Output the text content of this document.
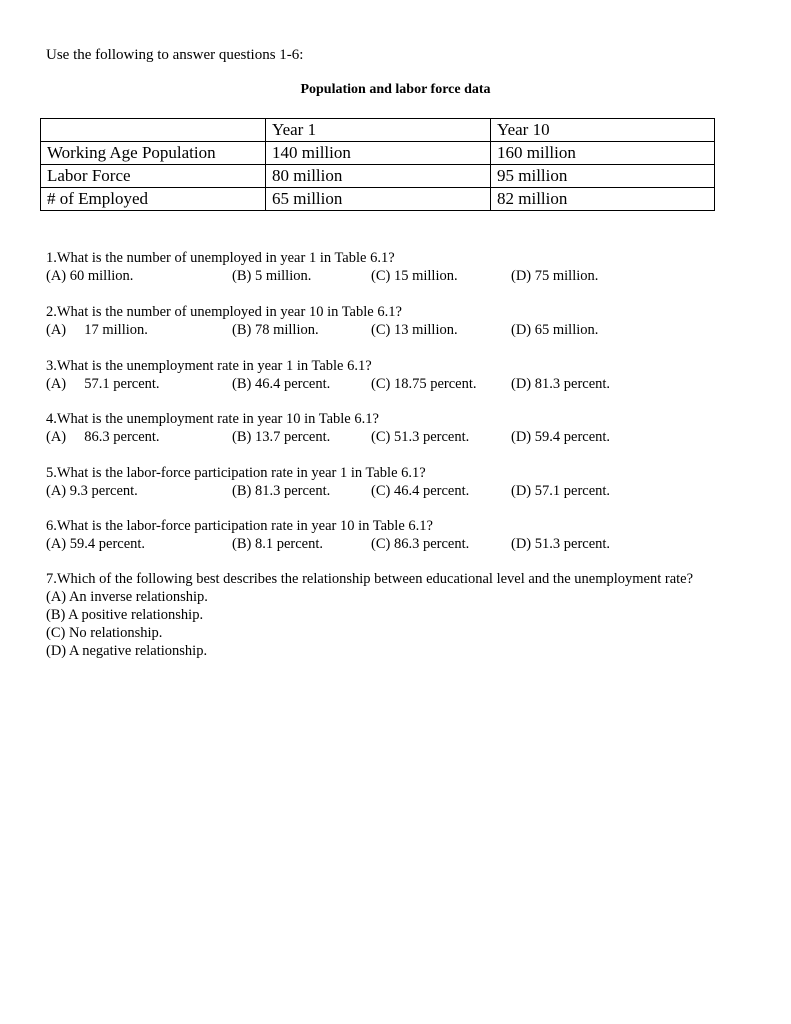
Use the following to answer questions 1-6:
Population and labor force data
	Year 1	Year 10
Working Age Population	140 million	160 million
Labor Force	80 million	95 million
# of Employed	65 million	82 million
1.What is the number of unemployed in year 1 in Table 6.1?
(A) 60 million.	(B) 5 million.	(C) 15 million.	(D) 75 million.
2.What is the number of unemployed in year 10 in Table 6.1?
(A)     17 million.	(B) 78 million.	(C) 13 million.	(D) 65 million.
3.What is the unemployment rate in year 1 in Table 6.1?
(A)     57.1 percent.	(B) 46.4 percent.	(C) 18.75 percent. (D) 81.3 percent.
4.What is the unemployment rate in year 10 in Table 6.1?
(A)     86.3 percent.	(B) 13.7 percent.	(C) 51.3 percent.	(D) 59.4 percent.
5.What is the labor-force participation rate in year 1 in Table 6.1?
(A) 9.3 percent.	(B) 81.3 percent.	(C) 46.4 percent.	(D) 57.1 percent.
6.What is the labor-force participation rate in year 10 in Table 6.1?
(A) 59.4 percent.	(B) 8.1 percent.	(C) 86.3 percent.	(D) 51.3 percent.
7.Which of the following best describes the relationship between educational level and the unemployment rate?
(A) An inverse relationship.
(B) A positive relationship.
(C) No relationship.
(D) A negative relationship.
